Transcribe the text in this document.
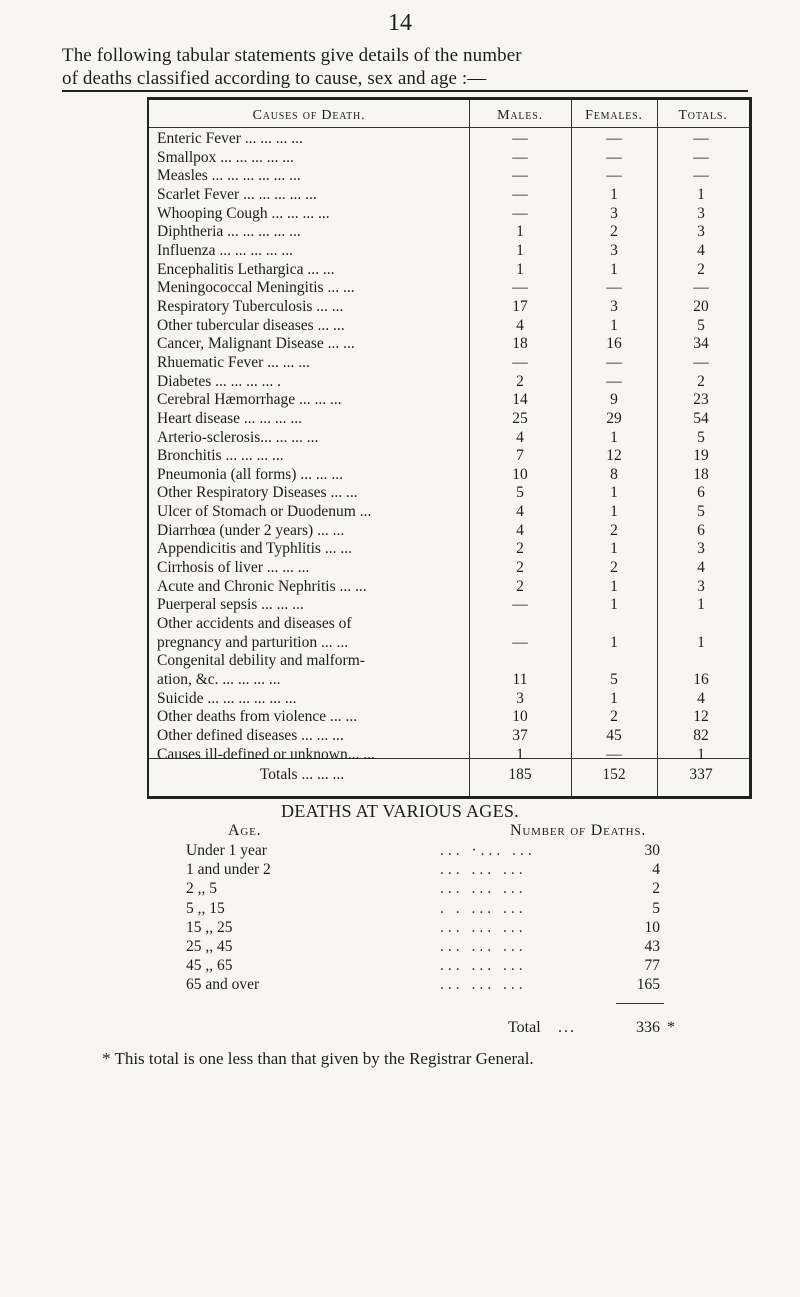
14
The following tabular statements give details of the number
of deaths classified according to cause, sex and age :—
Causes of Death.	Males.	Females.	Totals.
Enteric Fever ... ... ... ...	—	—	—
Smallpox ... ... ... ... ...	—	—	—
Measles ... ... ... ... ... ...	—	—	—
Scarlet Fever ... ... ... ... ...	—	1	1
Whooping Cough ... ... ... ...	—	3	3
Diphtheria ... ... ... ... ...	1	2	3
Influenza ... ... ... ... ...	1	3	4
Encephalitis Lethargica ... ...	1	1	2
Meningococcal Meningitis ... ...	—	—	—
Respiratory Tuberculosis ... ...	17	3	20
Other tubercular diseases ... ...	4	1	5
Cancer, Malignant Disease ... ...	18	16	34
Rhuematic Fever ... ... ...	—	—	—
Diabetes ... ... ... ... .	2	—	2
Cerebral Hæmorrhage ... ... ...	14	9	23
Heart disease ... ... ... ...	25	29	54
Arterio-sclerosis... ... ... ...	4	1	5
Bronchitis ... ... ... ...	7	12	19
Pneumonia (all forms) ... ... ...	10	8	18
Other Respiratory Diseases ... ...	5	1	6
Ulcer of Stomach or Duodenum ...	4	1	5
Diarrhœa (under 2 years) ... ...	4	2	6
Appendicitis and Typhlitis ... ...	2	1	3
Cirrhosis of liver ... ... ...	2	2	4
Acute and Chronic Nephritis ... ...	2	1	3
Puerperal sepsis ... ... ...	—	1	1
Other accidents and diseases of
pregnancy and parturition ... ...	—	1	1
Congenital debility and malform-
ation, &c. ... ... ... ...	11	5	16
Suicide ... ... ... ... ... ...	3	1	4
Other deaths from violence ... ...	10	2	12
Other defined diseases ... ... ...	37	45	82
Causes ill-defined or unknown... ...	1	—	1
Totals ... ... ...	185	152	337
DEATHS AT VARIOUS AGES.
Age.	Number of Deaths.
Under 1 year	... ·... ...	30
1 and under 2	... ... ...	4
2 ,, 5	... ... ...	2
5 ,, 15	. . ... ...	5
15 ,, 25	... ... ...	10
25 ,, 45	... ... ...	43
45 ,, 65	... ... ...	77
65 and over	... ... ...	165
Total ...	336 *
* This total is one less than that given by the Registrar General.
